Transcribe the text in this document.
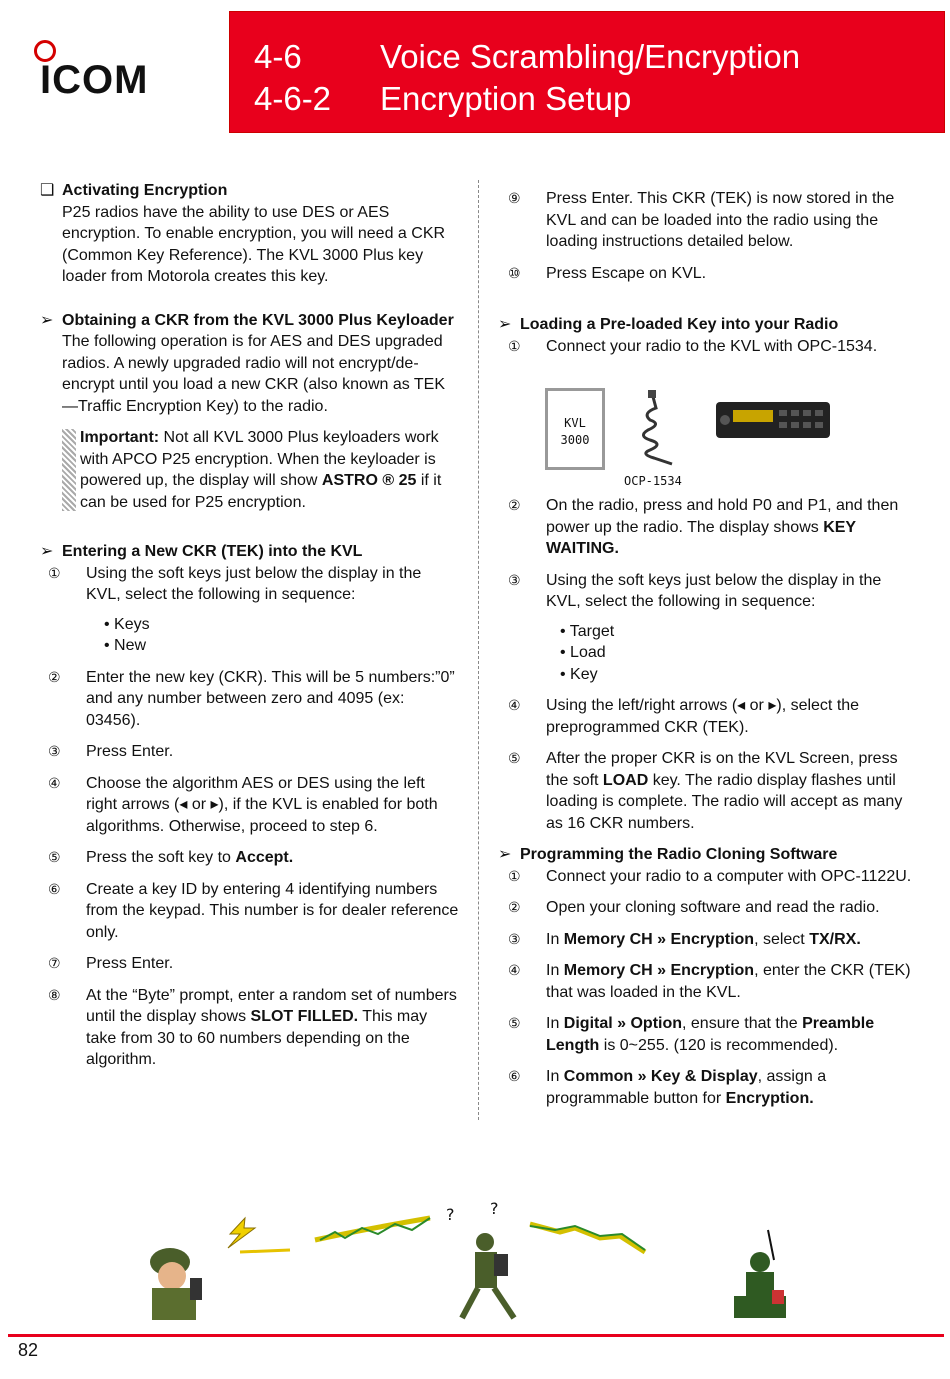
ICOM
4-6 Voice Scrambling/Encryption
4-6-2 Encryption Setup
❑ Activating Encryption
P25 radios have the ability to use DES or AES encryption. To enable encryption, you will need a CKR (Common Key Reference). The KVL 3000 Plus key loader from Motorola creates this key.
➢ Obtaining a CKR from the KVL 3000 Plus Keyloader
The following operation is for AES and DES upgraded radios. A newly upgraded radio will not encrypt/de-encrypt until you load a new CKR (also known as TEK—Traffic Encryption Key) to the radio.
Important: Not all KVL 3000 Plus keyloaders work with APCO P25 encryption. When the keyloader is powered up, the display will show ASTRO ® 25 if it can be used for P25 encryption.
➢ Entering a New CKR (TEK) into the KVL
① Using the soft keys just below the display in the KVL, select the following in sequence:
• Keys
• New
② Enter the new key (CKR). This will be 5 numbers:”0” and any number between zero and 4095 (ex: 03456).
③ Press Enter.
④ Choose the algorithm AES or DES using the left right arrows (◂ or ▸), if the KVL is enabled for both algorithms. Otherwise, proceed to step 6.
⑤ Press the soft key to Accept.
⑥ Create a key ID by entering 4 identifying numbers from the keypad. This number is for dealer reference only.
⑦ Press Enter.
⑧ At the “Byte” prompt, enter a random set of numbers until the display shows SLOT FILLED. This may take from 30 to 60 numbers depending on the algorithm.
⑨ Press Enter. This CKR (TEK) is now stored in the KVL and can be loaded into the radio using the loading instructions detailed below.
⑩ Press Escape on KVL.
➢ Loading a Pre-loaded Key into your Radio
① Connect your radio to the KVL with OPC-1534.
② On the radio, press and hold P0 and P1, and then power up the radio. The display shows KEY WAITING.
③ Using the soft keys just below the display in the KVL, select the following in sequence:
• Target
• Load
• Key
④ Using the left/right arrows (◂ or ▸), select the preprogrammed CKR (TEK).
⑤ After the proper CKR is on the KVL Screen, press the soft LOAD key. The radio display flashes until loading is complete. The radio will accept as many as 16 CKR numbers.
➢ Programming the Radio Cloning Software
① Connect your radio to a computer with OPC-1122U.
② Open your cloning software and read the radio.
③ In Memory CH » Encryption, select TX/RX.
④ In Memory CH » Encryption, enter the CKR (TEK) that was loaded in the KVL.
⑤ In Digital » Option, ensure that the Preamble Length is 0~255. (120 is recommended).
⑥ In Common » Key & Display, assign a programmable button for Encryption.
KVL
3000
OCP-1534
? ?
82
